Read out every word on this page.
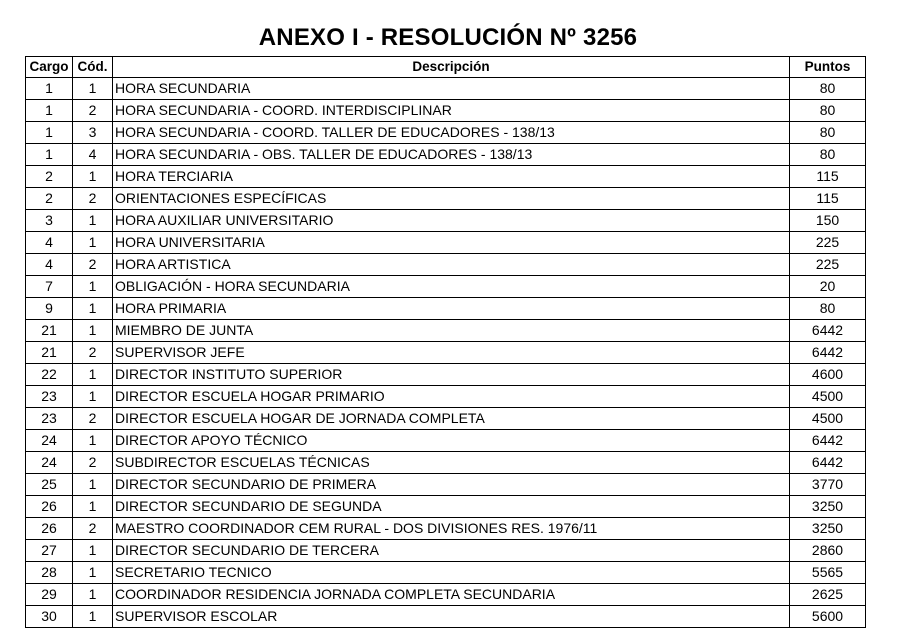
ANEXO I - RESOLUCIÓN Nº 3256
Cargo	Cód.	Descripción	Puntos
1	1	HORA SECUNDARIA	80
1	2	HORA SECUNDARIA - COORD. INTERDISCIPLINAR	80
1	3	HORA SECUNDARIA - COORD. TALLER DE EDUCADORES - 138/13	80
1	4	HORA SECUNDARIA - OBS. TALLER DE EDUCADORES - 138/13	80
2	1	HORA TERCIARIA	115
2	2	ORIENTACIONES ESPECÍFICAS	115
3	1	HORA AUXILIAR UNIVERSITARIO	150
4	1	HORA UNIVERSITARIA	225
4	2	HORA ARTISTICA	225
7	1	OBLIGACIÓN - HORA SECUNDARIA	20
9	1	HORA PRIMARIA	80
21	1	MIEMBRO DE JUNTA	6442
21	2	SUPERVISOR JEFE	6442
22	1	DIRECTOR INSTITUTO SUPERIOR	4600
23	1	DIRECTOR ESCUELA HOGAR PRIMARIO	4500
23	2	DIRECTOR ESCUELA HOGAR DE JORNADA COMPLETA	4500
24	1	DIRECTOR APOYO TÉCNICO	6442
24	2	SUBDIRECTOR ESCUELAS TÉCNICAS	6442
25	1	DIRECTOR SECUNDARIO DE PRIMERA	3770
26	1	DIRECTOR SECUNDARIO DE SEGUNDA	3250
26	2	MAESTRO COORDINADOR CEM RURAL - DOS DIVISIONES RES. 1976/11	3250
27	1	DIRECTOR SECUNDARIO DE TERCERA	2860
28	1	SECRETARIO TECNICO	5565
29	1	COORDINADOR RESIDENCIA JORNADA COMPLETA SECUNDARIA	2625
30	1	SUPERVISOR ESCOLAR	5600
